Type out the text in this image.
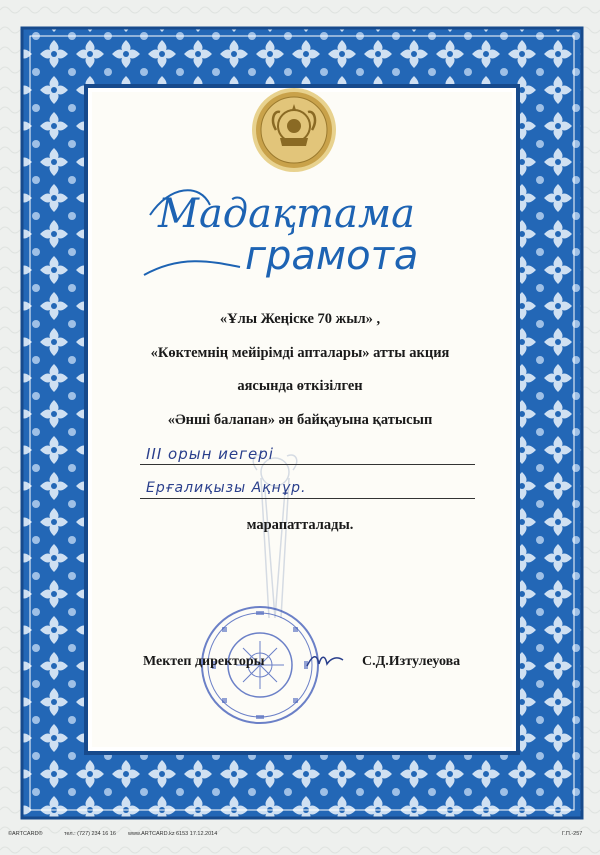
Мадақтама
грамота
«Ұлы Жеңіске 70 жыл» ,
«Көктемнің мейірімді апталары» атты акция
аясында өткізілген
«Әнші балапан» ән байқауына қатысып
III орын иегері
Ерғалиқызы Ақнұр.
марапатталады.
Мектеп директоры	С.Д.Изтулеуова
©ARTCARD®	тел.: (727) 234 16 16 www.ARTCARD.kz 6153 17.12.2014	Г.П.-257
